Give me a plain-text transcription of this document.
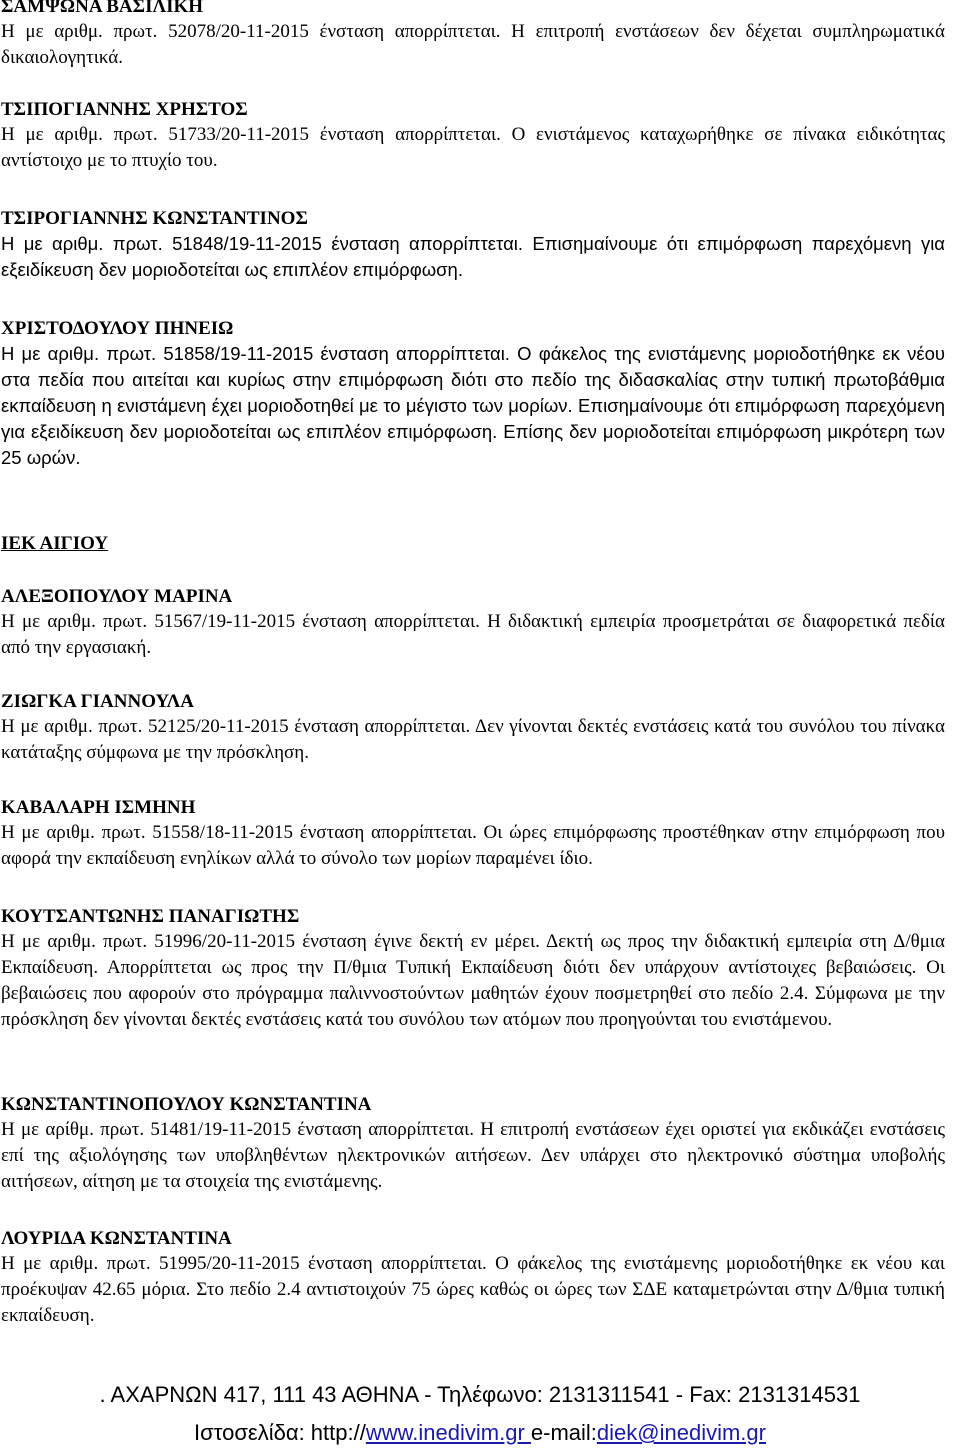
ΣΑΜΨΩΝΑ ΒΑΣΙΛΙΚΗ

Η με αριθμ. πρωτ. 52078/20-11-2015 ένσταση απορρίπτεται. Η επιτροπή ενστάσεων δεν δέχεται συμπληρωματικά δικαιολογητικά.

ΤΣΙΠΟΓΙΑΝΝΗΣ ΧΡΗΣΤΟΣ

Η με αριθμ. πρωτ. 51733/20-11-2015 ένσταση απορρίπτεται. Ο ενιστάμενος καταχωρήθηκε σε πίνακα ειδικότητας αντίστοιχο με το πτυχίο του.

ΤΣΙΡΟΓΙΑΝΝΗΣ ΚΩΝΣΤΑΝΤΙΝΟΣ

Η με αριθμ. πρωτ. 51848/19-11-2015 ένσταση απορρίπτεται. Επισημαίνουμε ότι επιμόρφωση παρεχόμενη για εξειδίκευση δεν μοριοδοτείται ως επιπλέον επιμόρφωση.

ΧΡΙΣΤΟΔΟΥΛΟΥ ΠΗΝΕΙΩ

Η με αριθμ. πρωτ. 51858/19-11-2015 ένσταση απορρίπτεται. Ο φάκελος της ενιστάμενης μοριοδοτήθηκε εκ νέου στα πεδία που αιτείται και κυρίως στην επιμόρφωση διότι στο πεδίο της διδασκαλίας στην τυπική πρωτοβάθμια εκπαίδευση η ενιστάμενη έχει μοριοδοτηθεί με το μέγιστο των μορίων. Επισημαίνουμε ότι επιμόρφωση παρεχόμενη για εξειδίκευση δεν μοριοδοτείται ως επιπλέον επιμόρφωση. Επίσης δεν μοριοδοτείται επιμόρφωση μικρότερη των 25 ωρών.

ΙΕΚ ΑΙΓΙΟΥ
ΑΛΕΞΟΠΟΥΛΟΥ ΜΑΡΙΝΑ

Η με αριθμ. πρωτ. 51567/19-11-2015 ένσταση απορρίπτεται. Η διδακτική εμπειρία προσμετράται σε διαφορετικά πεδία από την εργασιακή.

ΖΙΩΓΚΑ ΓΙΑΝΝΟΥΛΑ

Η με αριθμ. πρωτ. 52125/20-11-2015 ένσταση απορρίπτεται. Δεν γίνονται δεκτές ενστάσεις κατά του συνόλου του πίνακα κατάταξης σύμφωνα με την πρόσκληση.

ΚΑΒΑΛΑΡΗ ΙΣΜΗΝΗ

Η με αριθμ. πρωτ. 51558/18-11-2015 ένσταση απορρίπτεται. Οι ώρες επιμόρφωσης προστέθηκαν στην επιμόρφωση που αφορά την εκπαίδευση ενηλίκων αλλά το σύνολο των μορίων παραμένει ίδιο.

ΚΟΥΤΣΑΝΤΩΝΗΣ ΠΑΝΑΓΙΩΤΗΣ

Η με αριθμ. πρωτ. 51996/20-11-2015 ένσταση έγινε δεκτή εν μέρει. Δεκτή ως προς την διδακτική εμπειρία στη Δ/θμια Εκπαίδευση. Απορρίπτεται ως προς την Π/θμια Τυπική Εκπαίδευση διότι δεν υπάρχουν αντίστοιχες βεβαιώσεις. Οι βεβαιώσεις που αφορούν στο πρόγραμμα παλιννοστούντων μαθητών έχουν ποσμετρηθεί στο πεδίο 2.4. Σύμφωνα με την πρόσκληση δεν γίνονται δεκτές ενστάσεις κατά του συνόλου των ατόμων που προηγούνται του ενιστάμενου.

ΚΩΝΣΤΑΝΤΙΝΟΠΟΥΛΟΥ ΚΩΝΣΤΑΝΤΙΝΑ

Η με αρίθμ. πρωτ. 51481/19-11-2015 ένσταση απορρίπτεται. Η επιτροπή ενστάσεων έχει οριστεί για εκδικάζει ενστάσεις επί της αξιολόγησης των υποβληθέντων ηλεκτρονικών αιτήσεων. Δεν υπάρχει στο ηλεκτρονικό σύστημα υποβολής αιτήσεων, αίτηση με τα στοιχεία της ενιστάμενης.

ΛΟΥΡΙΔΑ ΚΩΝΣΤΑΝΤΙΝΑ

Η με αριθμ. πρωτ. 51995/20-11-2015 ένσταση απορρίπτεται. Ο φάκελος της ενιστάμενης μοριοδοτήθηκε εκ νέου και προέκυψαν 42.65 μόρια. Στο πεδίο 2.4 αντιστοιχούν 75 ώρες καθώς οι ώρες των ΣΔΕ καταμετρώνται στην Δ/θμια τυπική εκπαίδευση.

. ΑΧΑΡΝΩΝ 417, 111 43 ΑΘΗΝΑ - Τηλέφωνο: 2131311541 - Fax: 2131314531
Ιστοσελίδα: http://www.inedivim.gr e-mail:diek@inedivim.gr
